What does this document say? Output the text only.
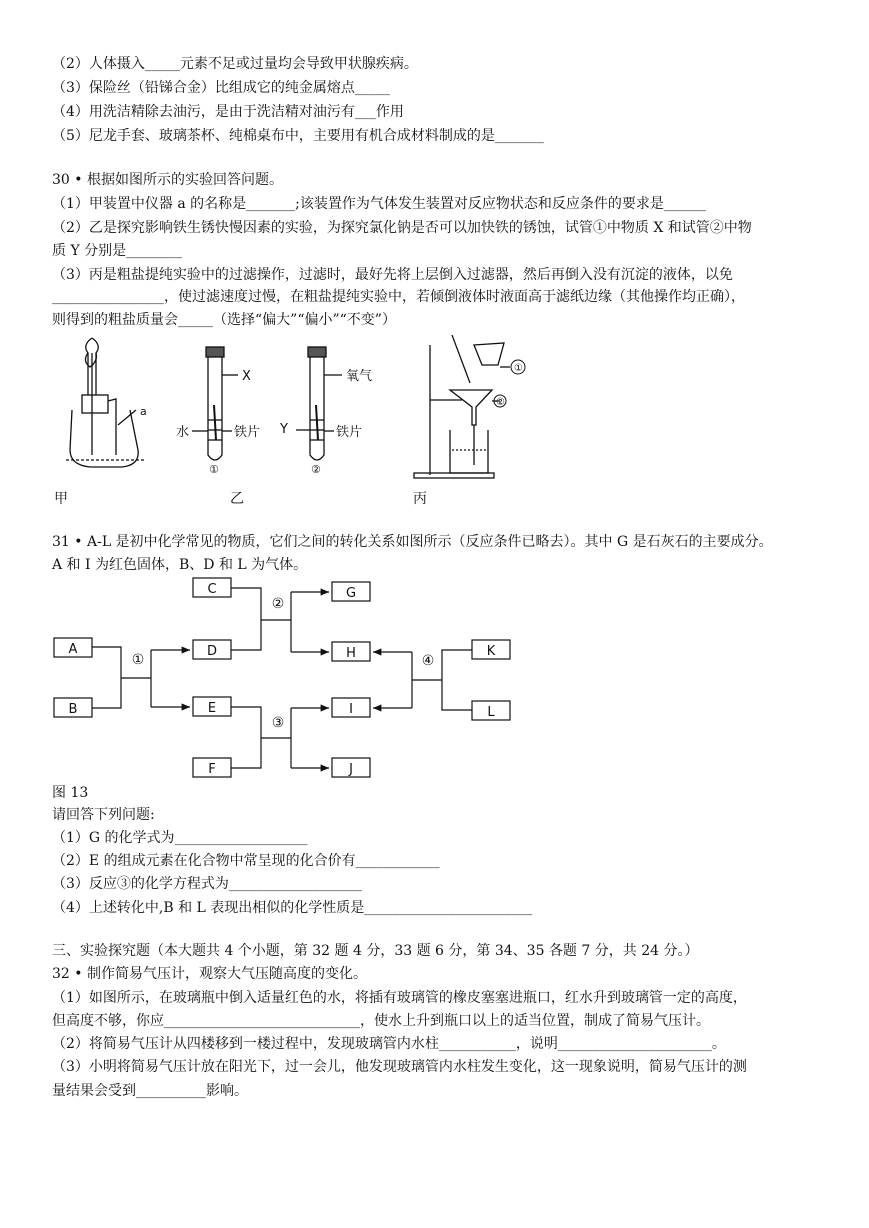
（2）人体摄入_____元素不足或过量均会导致甲状腺疾病。
（3）保险丝（铅锑合金）比组成它的纯金属熔点_____
（4）用洗洁精除去油污，是由于洗洁精对油污有___作用
（5）尼龙手套、玻璃茶杯、纯棉桌布中，主要用有机合成材料制成的是_______
30 • 根据如图所示的实验回答问题。
（1）甲装置中仪器 a 的名称是_______;该装置作为气体发生装置对反应物状态和反应条件的要求是______
（2）乙是探究影响铁生锈快慢因素的实验，为探究氯化钠是否可以加快铁的锈蚀，试管①中物质 X 和试管②中物
质 Y 分别是________
（3）丙是粗盐提纯实验中的过滤操作，过滤时，最好先将上层倒入过滤器，然后再倒入没有沉淀的液体，以免
________________，使过滤速度过慢，在粗盐提纯实验中，若倾倒液体时液面高于滤纸边缘（其他操作均正确），
则得到的粗盐质量会_____（选择“偏大”“偏小”“不变”）
a
X
水	铁片
①
氧气
Y	铁片
②
①
②
甲	乙	丙
31 • A-L 是初中化学常见的物质，它们之间的转化关系如图所示（反应条件已略去）。其中 G 是石灰石的主要成分。
A 和 I 为红色固体，B、D 和 L 为气体。
A
B
C
D
E
F
G
H
I
J
K
L
①
②
③
④
图 13
请回答下列问题:
（1）G 的化学式为___________________
（2）E 的组成元素在化合物中常呈现的化合价有____________
（3）反应③的化学方程式为___________________
（4）上述转化中,B 和 L 表现出相似的化学性质是________________________
三、实验探究题（本大题共 4 个小题，第 32 题 4 分，33 题 6 分，第 34、35 各题 7 分，共 24 分。）
32 • 制作简易气压计，观察大气压随高度的变化。
（1）如图所示，在玻璃瓶中倒入适量红色的水，将插有玻璃管的橡皮塞塞进瓶口，红水升到玻璃管一定的高度，
但高度不够，你应____________________________，使水上升到瓶口以上的适当位置，制成了简易气压计。
（2）将简易气压计从四楼移到一楼过程中，发现玻璃管内水柱___________，说明______________________。
（3）小明将简易气压计放在阳光下，过一会儿，他发现玻璃管内水柱发生变化，这一现象说明，简易气压计的测
量结果会受到__________影响。
